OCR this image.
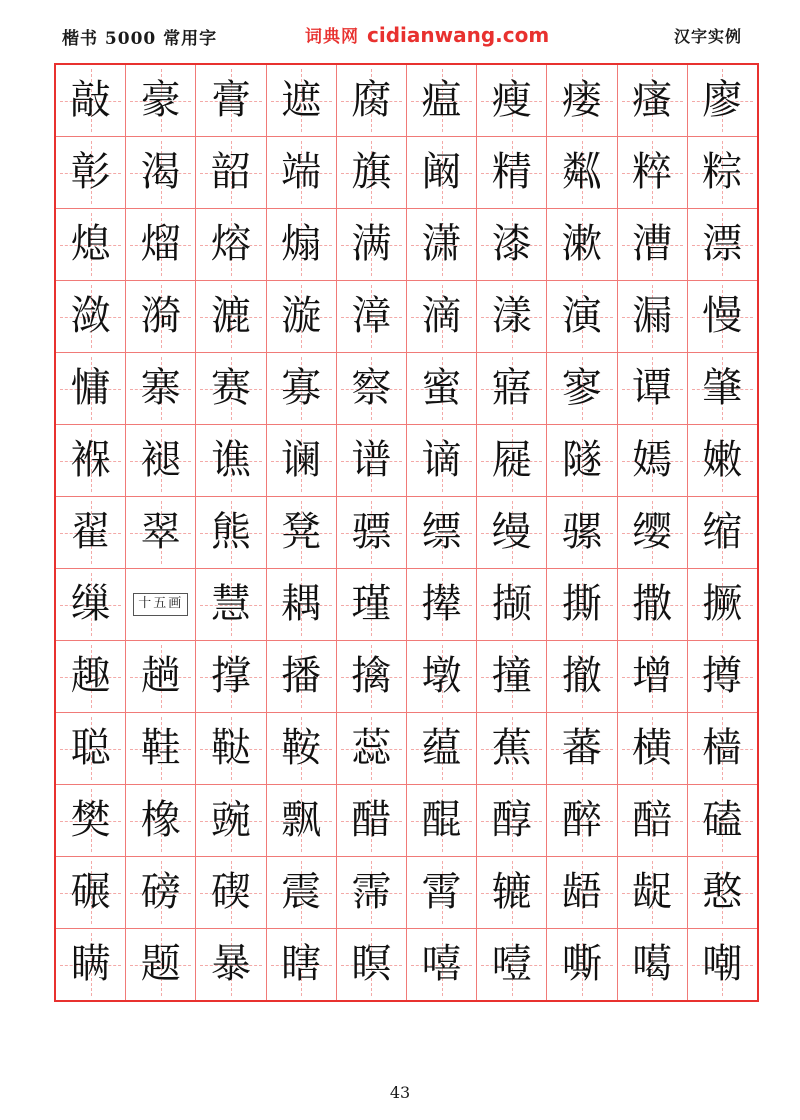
楷书 5000 常用字	词典网 cidianwang.com	汉字实例
敲	豪	膏	遮	腐	瘟	瘦	瘘	瘙	廖

彰	渴	韶	端	旗	阚	精	粼	粹	粽

熄	熘	熔	煽	满	潇	漆	漱	漕	漂

潋	漪	漉	漩	漳	滴	漾	演	漏	慢

慵	寨	赛	寡	察	蜜	寤	寥	谭	肇

褓	褪	谯	谰	谱	谪	屣	隧	嫣	嫩

翟	翠	熊	凳	骠	缥	缦	骡	缨	缩

缫	十五画	慧	耦	瑾	撵	撷	撕	撒	撅

趣	趟	撑	播	擒	墩	撞	撤	增	撙

聪	鞋	鞑	鞍	蕊	蕴	蕉	蕃	横	樯

樊	橡	豌	飘	醋	醌	醇	醉	醅	磕

碾	磅	碶	震	霈	霄	辘	龉	龊	憨

瞒	题	暴	瞎	瞑	嘻	噎	嘶	噶	嘲
43
